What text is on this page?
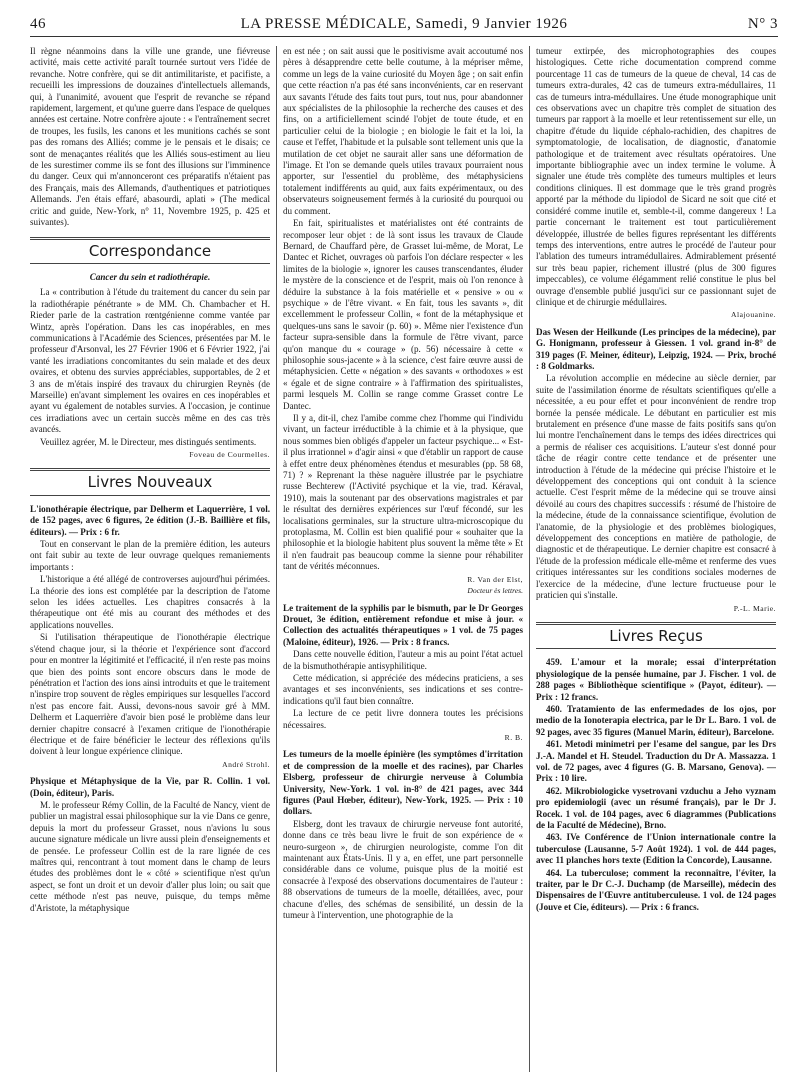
46	LA PRESSE MÉDICALE, Samedi, 9 Janvier 1926	N° 3

Il règne néanmoins dans la ville une grande, une fiévreuse activité, mais cette activité paraît tournée surtout vers l'idée de revanche. Notre confrère, qui se dit antimilitariste, et pacifiste, a recueilli les impressions de douzaines d'intellectuels allemands, qui, à l'unanimité, avouent que l'esprit de revanche se répand rapidement, largement, et qu'une guerre dans l'espace de quelques années est certaine. Notre confrère ajoute : « l'entraînement secret de troupes, les fusils, les canons et les munitions cachés se sont pas des romans des Alliés; comme je le pensais et le disais; ce sont de menaçantes réalités que les Alliés sous-estiment au lieu de les surestimer comme ils se font des illusions sur l'imminence du danger. Ceux qui m'annonceront ces préparatifs n'étaient pas des Français, mais des Allemands, d'authentiques et patriotiques Allemands. J'en étais effaré, abasourdi, aplati » (The medical critic and guide, New-York, n° 11, Novembre 1925, p. 425 et suivantes).

Correspondance
Cancer du sein et radiothérapie.

La « contribution à l'étude du traitement du cancer du sein par la radiothérapie pénétrante » de MM. Ch. Chambacher et H. Rieder parle de la castration rœntgénienne comme vantée par Wintz, après l'opération. Dans les cas inopérables, en mes communications à l'Académie des Sciences, présentées par M. le professeur d'Arsonval, les 27 Février 1906 et 6 Février 1922, j'ai vanté les irradiations concomitantes du sein malade et des deux ovaires, et obtenu des survies appréciables, supportables, de 2 et 3 ans de m'étais inspiré des travaux du chirurgien Reynès (de Marseille) en'avant simplement les ovaires en ces inopérables et ayant vu également de notables survies. A l'occasion, je continue ces irradiations avec un certain succès même en des cas très avancés.

Veuillez agréer, M. le Directeur, mes distingués sentiments.

Foveau de Courmelles.
Livres Nouveaux

L'ionothérapie électrique, par Delherm et Laquerrière, 1 vol. de 152 pages, avec 6 figures, 2e édition (J.-B. Baillière et fils, éditeurs). — Prix : 6 fr.

Tout en conservant le plan de la première édition, les auteurs ont fait subir au texte de leur ouvrage quelques remaniements importants :

L'historique a été allégé de controverses aujourd'hui périmées. La théorie des ions est complétée par la description de l'atome selon les idées actuelles. Les chapitres consacrés à la thérapeutique ont été mis au courant des méthodes et des applications nouvelles.

Si l'utilisation thérapeutique de l'ionothérapie électrique s'étend chaque jour, si la théorie et l'expérience sont d'accord pour en montrer la légitimité et l'efficacité, il n'en reste pas moins que bien des points sont encore obscurs dans le mode de pénétration et l'action des ions ainsi introduits et que le traitement n'inspire trop souvent de règles empiriques sur lesquelles l'accord n'est pas encore fait. Aussi, devons-nous savoir gré à MM. Delherm et Laquerrière d'avoir bien posé le problème dans leur dernier chapitre consacré à l'examen critique de l'ionothérapie électrique et de faire bénéficier le lecteur des réflexions qu'ils doivent à leur longue expérience clinique.

André Strohl.

Physique et Métaphysique de la Vie, par R. Collin. 1 vol. (Doin, éditeur), Paris.

M. le professeur Rémy Collin, de la Faculté de Nancy, vient de publier un magistral essai philosophique sur la vie Dans ce genre, depuis la mort du professeur Grasset, nous n'avions lu sous aucune signature médicale un livre aussi plein d'enseignements et de pensée. Le professeur Collin est de la rare lignée de ces maîtres qui, rencontrant à tout moment dans le champ de leurs études des problèmes dont le « côté » scientifique n'est qu'un aspect, se font un droit et un devoir d'aller plus loin; ou sait que cette méthode n'est pas neuve, puisque, du temps même d'Aristote, la métaphysique

en est née ; on sait aussi que le positivisme avait accoutumé nos pères à désapprendre cette belle coutume, à la mépriser même, comme un legs de la vaine curiosité du Moyen âge ; on sait enfin que cette réaction n'a pas été sans inconvénients, car en reservant aux savants l'étude des faits tout purs, tout nus, pour abandonner aux spécialistes de la philosophie la recherche des causes et des fins, on a artificiellement scindé l'objet de toute étude, et en particulier celui de la biologie ; en biologie le fait et la loi, la cause et l'effet, l'habitude et la pulsable sont tellement unis que la mutilation de cet objet ne saurait aller sans une déformation de l'image. Et l'on se demande quels utiles travaux pourraient nous apporter, sur l'essentiel du problème, des métaphysiciens totalement indifférents au quid, aux faits expérimentaux, ou des observateurs soigneusement fermés à la curiosité du pourquoi ou du comment.

En fait, spiritualistes et matérialistes ont été contraints de recomposer leur objet : de là sont issus les travaux de Claude Bernard, de Chauffard père, de Grasset lui-même, de Morat, Le Dantec et Richet, ouvrages où parfois l'on déclare respecter « les limites de la biologie », ignorer les causes transcendantes, éluder le mystère de la conscience et de l'esprit, mais où l'on renonce à déduire la substance à la fois matérielle et « pensive » ou « psychique » de l'être vivant. « En fait, tous les savants », dit excellemment le professeur Collin, « font de la métaphysique et quelques-uns sans le savoir (p. 60) ». Même nier l'existence d'un facteur supra-sensible dans la formule de l'être vivant, parce qu'on manque du « courage » (p. 56) nécessaire à cette « philosophie sous-jacente » à la science, c'est faire œuvre aussi de métaphysicien. Cette « négation » des savants « orthodoxes » est « égale et de signe contraire » à l'affirmation des spiritualistes, parmi lesquels M. Collin se range comme Grasset contre Le Dantec.

Il y a, dit-il, chez l'amibe comme chez l'homme qui l'individu vivant, un facteur irréductible à la chimie et à la physique, que nous sommes bien obligés d'appeler un facteur psychique... « Est-il plus irrationnel » d'agir ainsi « que d'établir un rapport de cause à effet entre deux phénomènes étendus et mesurables (pp. 58 68, 71) ? » Reprenant la thèse naguère illustrée par le psychiatre russe Bechterew (l'Activité psychique et la vie, trad. Kéraval, 1910), mais la soutenant par des observations magistrales et par le résultat des dernières expériences sur l'œuf fécondé, sur les localisations germinales, sur la structure ultra-microscopique du protoplasma, M. Collin est bien qualifié pour « souhaiter que la philosophie et la biologie habitent plus souvent la même tête » Et il n'en faudrait pas beaucoup comme la sienne pour réhabiliter tant de vérités méconnues.

R. Van der Elst,
Docteur ès lettres.

Le traitement de la syphilis par le bismuth, par le Dr Georges Drouet, 3e édition, entièrement refondue et mise à jour. « Collection des actualités thérapeutiques » 1 vol. de 75 pages (Maloine, éditeur), 1926. — Prix : 8 francs.

Dans cette nouvelle édition, l'auteur a mis au point l'état actuel de la bismuthothérapie antisyphilitique.

Cette médication, si appréciée des médecins praticiens, a ses avantages et ses inconvénients, ses indications et ses contre-indications qu'il faut bien connaître.

La lecture de ce petit livre donnera toutes les précisions nécessaires.

R. B.

Les tumeurs de la moelle épinière (les symptômes d'irritation et de compression de la moelle et des racines), par Charles Elsberg, professeur de chirurgie nerveuse à Columbia University, New-York. 1 vol. in-8° de 421 pages, avec 344 figures (Paul Hœber, éditeur), New-York, 1925. — Prix : 10 dollars.

Elsberg, dont les travaux de chirurgie nerveuse font autorité, donne dans ce très beau livre le fruit de son expérience de « neuro-surgeon », de chirurgien neurologiste, comme l'on dit maintenant aux États-Unis. Il y a, en effet, une part personnelle considérable dans ce volume, puisque plus de la moitié est consacrée à l'exposé des observations documentaires de l'auteur : 88 observations de tumeurs de la moelle, détaillées, avec, pour chacune d'elles, des schémas de sensibilité, un dessin de la tumeur à l'intervention, une photographie de la

tumeur extirpée, des microphotographies des coupes histologiques. Cette riche documentation comprend comme pourcentage 11 cas de tumeurs de la queue de cheval, 14 cas de tumeurs extra-durales, 42 cas de tumeurs extra-médullaires, 11 cas de tumeurs intra-médullaires. Une étude monographique unit ces observations avec un chapitre très complet de situation des tumeurs par rapport à la moelle et leur retentissement sur elle, un chapitre d'étude du liquide céphalo-rachidien, des chapitres de symptomatologie, de localisation, de diagnostic, d'anatomie pathologique et de traitement avec résultats opératoires. Une importante bibliographie avec un index termine le volume. À signaler une étude très complète des tumeurs multiples et leurs conditions cliniques. Il est dommage que le très grand progrès apporté par la méthode du lipiodol de Sicard ne soit que cité et considéré comme inutile et, semble-t-il, comme dangereux ! La partie concernant le traitement est tout particulièrement développée, illustrée de belles figures représentant les différents temps des interventions, entre autres le procédé de l'auteur pour l'ablation des tumeurs intramédullaires. Admirablement présenté sur très beau papier, richement illustré (plus de 300 figures impeccables), ce volume élégamment relié constitue le plus bel ouvrage d'ensemble publié jusqu'ici sur ce passionnant sujet de clinique et de chirurgie médullaires.

Alajouanine.

Das Wesen der Heilkunde (Les principes de la médecine), par G. Honigmann, professeur à Giessen. 1 vol. grand in-8° de 319 pages (F. Meiner, éditeur), Leipzig, 1924. — Prix, broché : 8 Goldmarks.

La révolution accomplie en médecine au siècle dernier, par suite de l'assimilation énorme de résultats scientifiques qu'elle a nécessitée, a eu pour effet et pour inconvénient de rendre trop bornée la pensée médicale. Le débutant en particulier est mis brutalement en présence d'une masse de faits positifs sans qu'on lui montre l'enchaînement dans le temps des idées directrices qui a permis de réaliser ces acquisitions. L'auteur s'est donné pour tâche de réagir contre cette tendance et de présenter une introduction à l'étude de la médecine qui précise l'histoire et le développement des conceptions qui ont conduit à la science actuelle. C'est l'esprit même de la médecine qui se trouve ainsi dévoilé au cours des chapitres successifs : résumé de l'histoire de la médecine, étude de la connaissance scientifique, évolution de l'anatomie, de la physiologie et des problèmes biologiques, développement des conceptions en matière de pathologie, de diagnostic et de thérapeutique. Le dernier chapitre est consacré à l'étude de la profession médicale elle-même et renferme des vues critiques intéressantes sur les conditions sociales modernes de l'exercice de la médecine, d'une lecture fructueuse pour le praticien qui s'installe.

P.-L. Marie.
Livres Reçus

459. L'amour et la morale; essai d'interprétation physiologique de la pensée humaine, par J. Fischer. 1 vol. de 288 pages « Bibliothèque scientifique » (Payot, éditeur). — Prix : 12 francs.

460. Tratamiento de las enfermedades de los ojos, por medio de la Ionoterapia electrica, par le Dr L. Baro. 1 vol. de 92 pages, avec 35 figures (Manuel Marin, éditeur), Barcelone.

461. Metodi minimetri per l'esame del sangue, par les Drs J.-A. Mandel et H. Steudel. Traduction du Dr A. Massazza. 1 vol. de 72 pages, avec 4 figures (G. B. Marsano, Genova). — Prix : 10 lire.

462. Mikrobiologicke vysetrovani vzduchu a Jeho vyznam pro epidemiologii (avec un résumé français), par le Dr J. Rocek. 1 vol. de 104 pages, avec 6 diagrammes (Publications de la Faculté de Médecine), Brno.

463. IVe Conférence de l'Union internationale contre la tuberculose (Lausanne, 5-7 Août 1924). 1 vol. de 444 pages, avec 11 planches hors texte (Edition la Concorde), Lausanne.

464. La tuberculose; comment la reconnaître, l'éviter, la traiter, par le Dr C.-J. Duchamp (de Marseille), médecin des Dispensaires de l'Œuvre antituberculeuse. 1 vol. de 124 pages (Jouve et Cie, éditeurs). — Prix : 6 francs.
